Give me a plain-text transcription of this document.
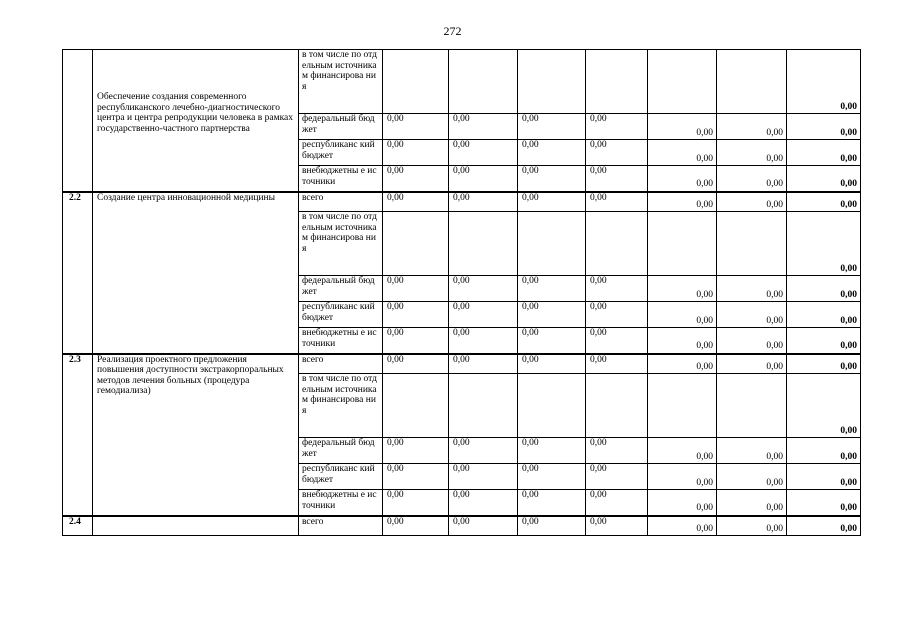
272
	Обеспечение создания современного республиканского лечебно-диагностического центра и центра репродукции человека в рамках государственно-частного партнерства	в том числе по отдельным источникам финансирова ния							0,00
		федеральный бюджет	0,00	0,00	0,00	0,00	0,00	0,00	0,00
		республиканс кий бюджет	0,00	0,00	0,00	0,00	0,00	0,00	0,00
		внебюджетны е источники	0,00	0,00	0,00	0,00	0,00	0,00	0,00
2.2	Создание центра инновационной медицины	всего	0,00	0,00	0,00	0,00	0,00	0,00	0,00
		в том числе по отдельным источникам финансирова ния							0,00
		федеральный бюджет	0,00	0,00	0,00	0,00	0,00	0,00	0,00
		республиканс кий бюджет	0,00	0,00	0,00	0,00	0,00	0,00	0,00
		внебюджетны е источники	0,00	0,00	0,00	0,00	0,00	0,00	0,00
2.3	Реализация проектного предложения повышения доступности экстракорпоральных методов лечения больных (процедура гемодиализа)	всего	0,00	0,00	0,00	0,00	0,00	0,00	0,00
		в том числе по отдельным источникам финансирова ния							0,00
		федеральный бюджет	0,00	0,00	0,00	0,00	0,00	0,00	0,00
		республиканс кий бюджет	0,00	0,00	0,00	0,00	0,00	0,00	0,00
		внебюджетны е источники	0,00	0,00	0,00	0,00	0,00	0,00	0,00
2.4		всего	0,00	0,00	0,00	0,00	0,00	0,00	0,00
